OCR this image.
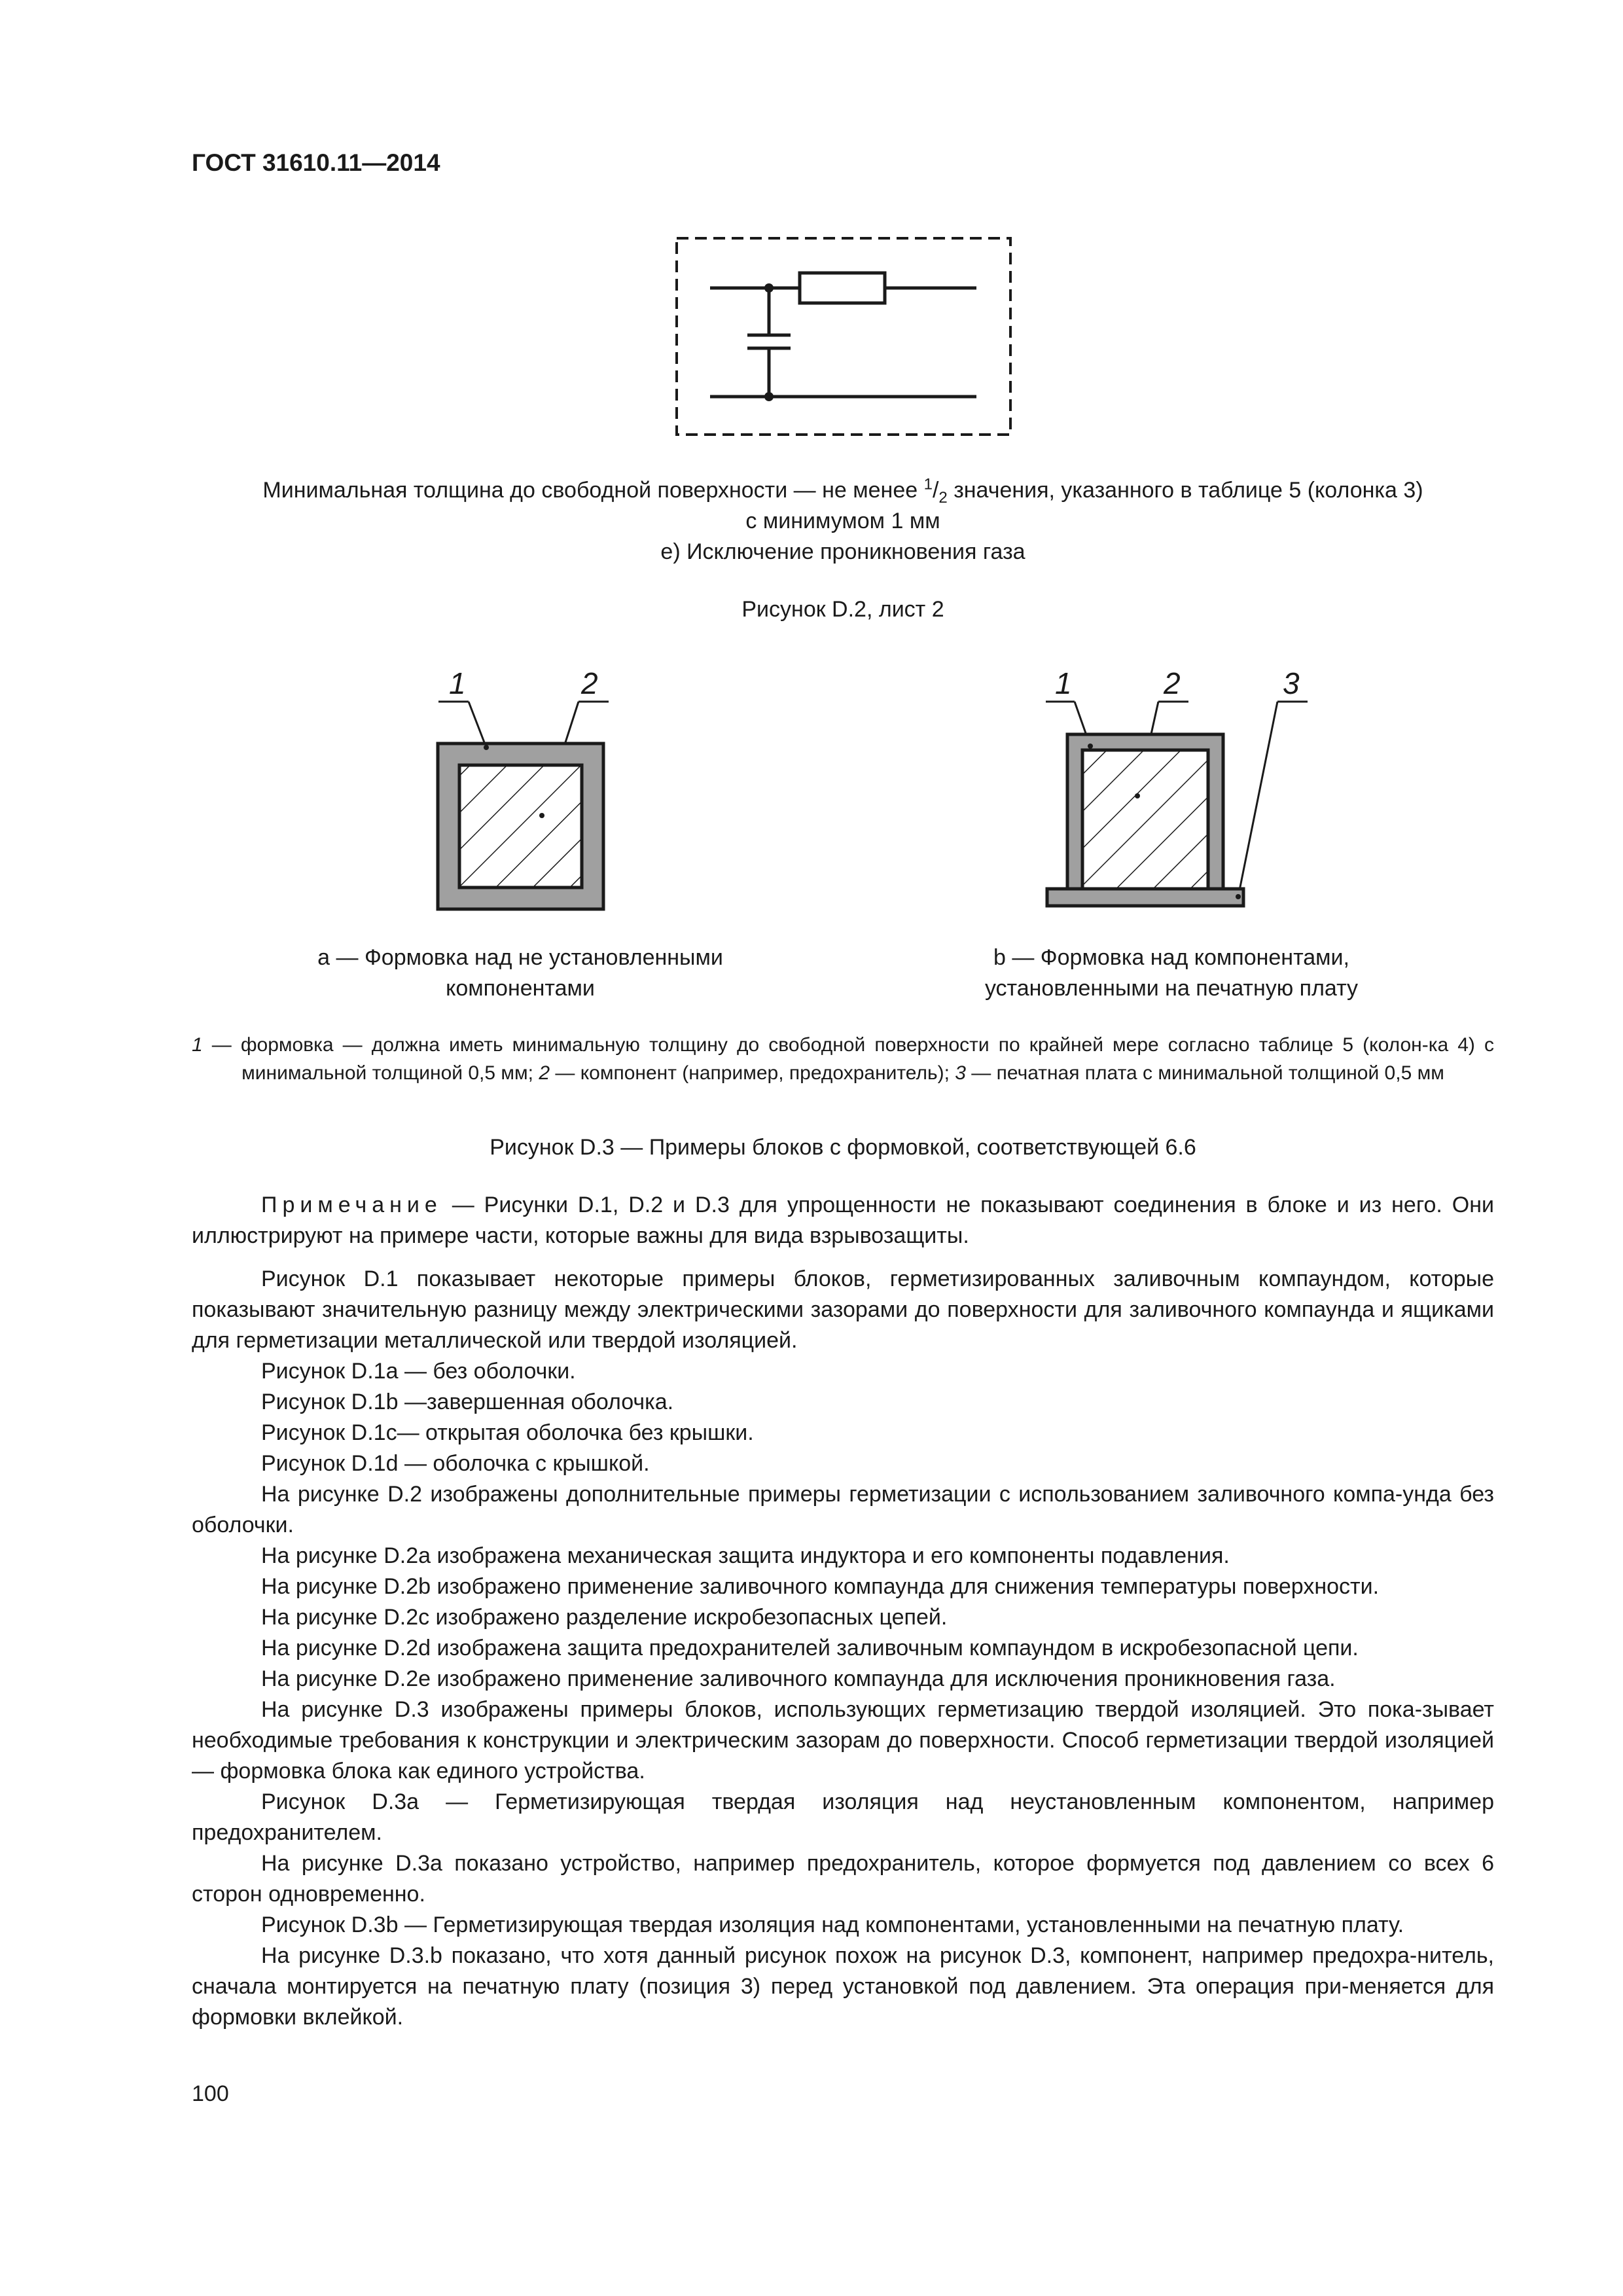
ГОСТ 31610.11—2014
Минимальная толщина до свободной поверхности — не менее $^1/_2$ значения, указанного в таблице 5 (колонка 3)
с минимумом 1 мм
e) Исключение проникновения газа
Рисунок D.2, лист 2
1	2	1	2	3
a — Формовка над не установленными
компонентами
b — Формовка над компонентами,
установленными на печатную плату
1 — формовка — должна иметь минимальную толщину до свободной поверхности по крайней мере согласно таблице 5 (колон-ка 4) с минимальной толщиной 0,5 мм; 2 — компонент (например, предохранитель); 3 — печатная плата с минимальной толщиной 0,5 мм
Рисунок D.3 — Примеры блоков с формовкой, соответствующей 6.6

Примечание — Рисунки D.1, D.2 и D.3 для упрощенности не показывают соединения в блоке и из него. Они иллюстрируют на примере части, которые важны для вида взрывозащиты.

Рисунок D.1 показывает некоторые примеры блоков, герметизированных заливочным компаундом, которые показывают значительную разницу между электрическими зазорами до поверхности для заливочного компаунда и ящиками для герметизации металлической или твердой изоляцией.

Рисунок D.1a — без оболочки.

Рисунок D.1b —завершенная оболочка.

Рисунок D.1c— открытая оболочка без крышки.

Рисунок D.1d — оболочка с крышкой.

На рисунке D.2 изображены дополнительные примеры герметизации с использованием заливочного компа-унда без оболочки.

На рисунке D.2a изображена механическая защита индуктора и его компоненты подавления.

На рисунке D.2b изображено применение заливочного компаунда для снижения температуры поверхности.

На рисунке D.2c изображено разделение искробезопасных цепей.

На рисунке D.2d изображена защита предохранителей заливочным компаундом в искробезопасной цепи.

На рисунке D.2e изображено применение заливочного компаунда для исключения проникновения газа.

На рисунке D.3 изображены примеры блоков, использующих герметизацию твердой изоляцией. Это пока-зывает необходимые требования к конструкции и электрическим зазорам до поверхности. Способ герметизации твердой изоляцией — формовка блока как единого устройства.

Рисунок D.3a — Герметизирующая твердая изоляция над неустановленным компонентом, например предохранителем.

На рисунке D.3a показано устройство, например предохранитель, которое формуется под давлением со всех 6 сторон одновременно.

Рисунок D.3b — Герметизирующая твердая изоляция над компонентами, установленными на печатную плату.

На рисунке D.3.b показано, что хотя данный рисунок похож на рисунок D.3, компонент, например предохра-нитель, сначала монтируется на печатную плату (позиция 3) перед установкой под давлением. Эта операция при-меняется для формовки вклейкой.

100
